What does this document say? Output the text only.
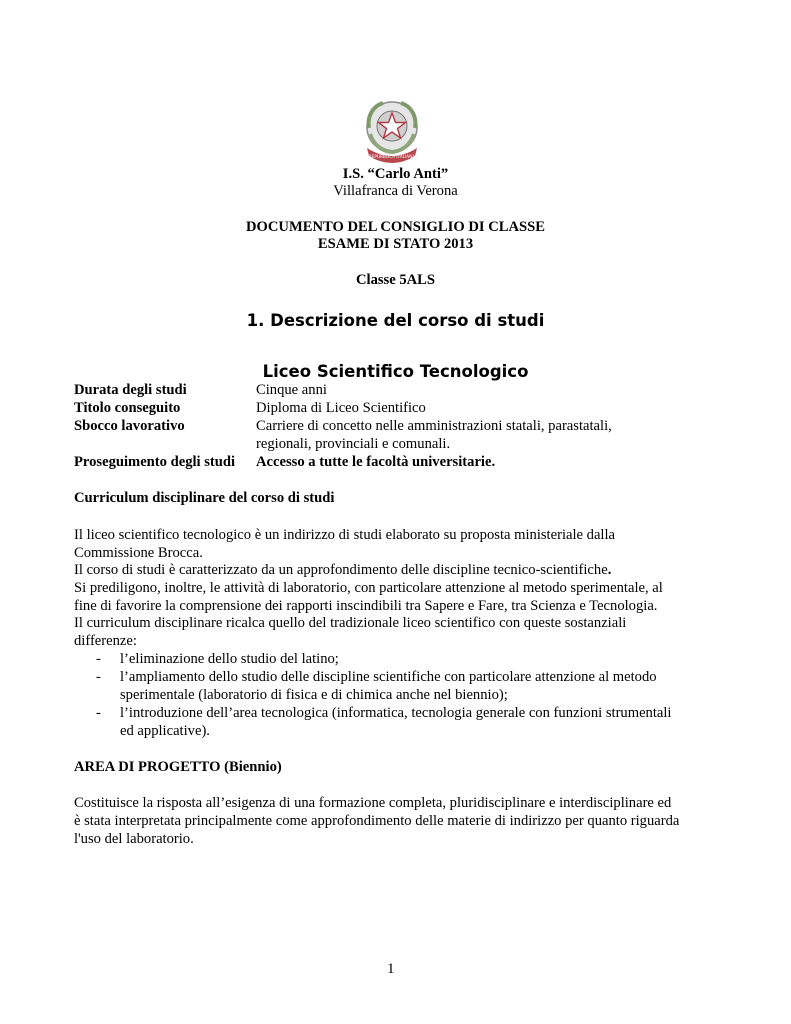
REPUBBLICA ITALIANA
I.S. “Carlo Anti”
Villafranca di Verona
DOCUMENTO DEL CONSIGLIO DI CLASSE
ESAME DI STATO 2013
Classe 5ALS
1. Descrizione del corso di studi
Liceo Scientifico Tecnologico
Durata degli studi	Cinque anni
Titolo conseguito	Diploma di Liceo Scientifico
Sbocco lavorativo	Carriere di concetto nelle amministrazioni statali, parastatali,
regionali, provinciali e comunali.
Proseguimento degli studi Accesso a tutte le facoltà universitarie.
Curriculum disciplinare del corso di studi
Il liceo scientifico tecnologico è un indirizzo di studi elaborato su proposta ministeriale dalla
Commissione Brocca.
Il corso di studi è caratterizzato da un approfondimento delle discipline tecnico-scientifiche.
Si prediligono, inoltre, le attività di laboratorio, con particolare attenzione al metodo sperimentale, al
fine di favorire la comprensione dei rapporti inscindibili tra Sapere e Fare, tra Scienza e Tecnologia.
Il curriculum disciplinare ricalca quello del tradizionale liceo scientifico con queste sostanziali
differenze:
- l’eliminazione dello studio del latino;
- l’ampliamento dello studio delle discipline scientifiche con particolare attenzione al metodo
sperimentale (laboratorio di fisica e di chimica anche nel biennio);
- l’introduzione dell’area tecnologica (informatica, tecnologia generale con funzioni strumentali
ed applicative).
AREA DI PROGETTO (Biennio)
Costituisce la risposta all’esigenza di una formazione completa, pluridisciplinare e interdisciplinare ed
è stata interpretata principalmente come approfondimento delle materie di indirizzo per quanto riguarda
l'uso del laboratorio.
1
